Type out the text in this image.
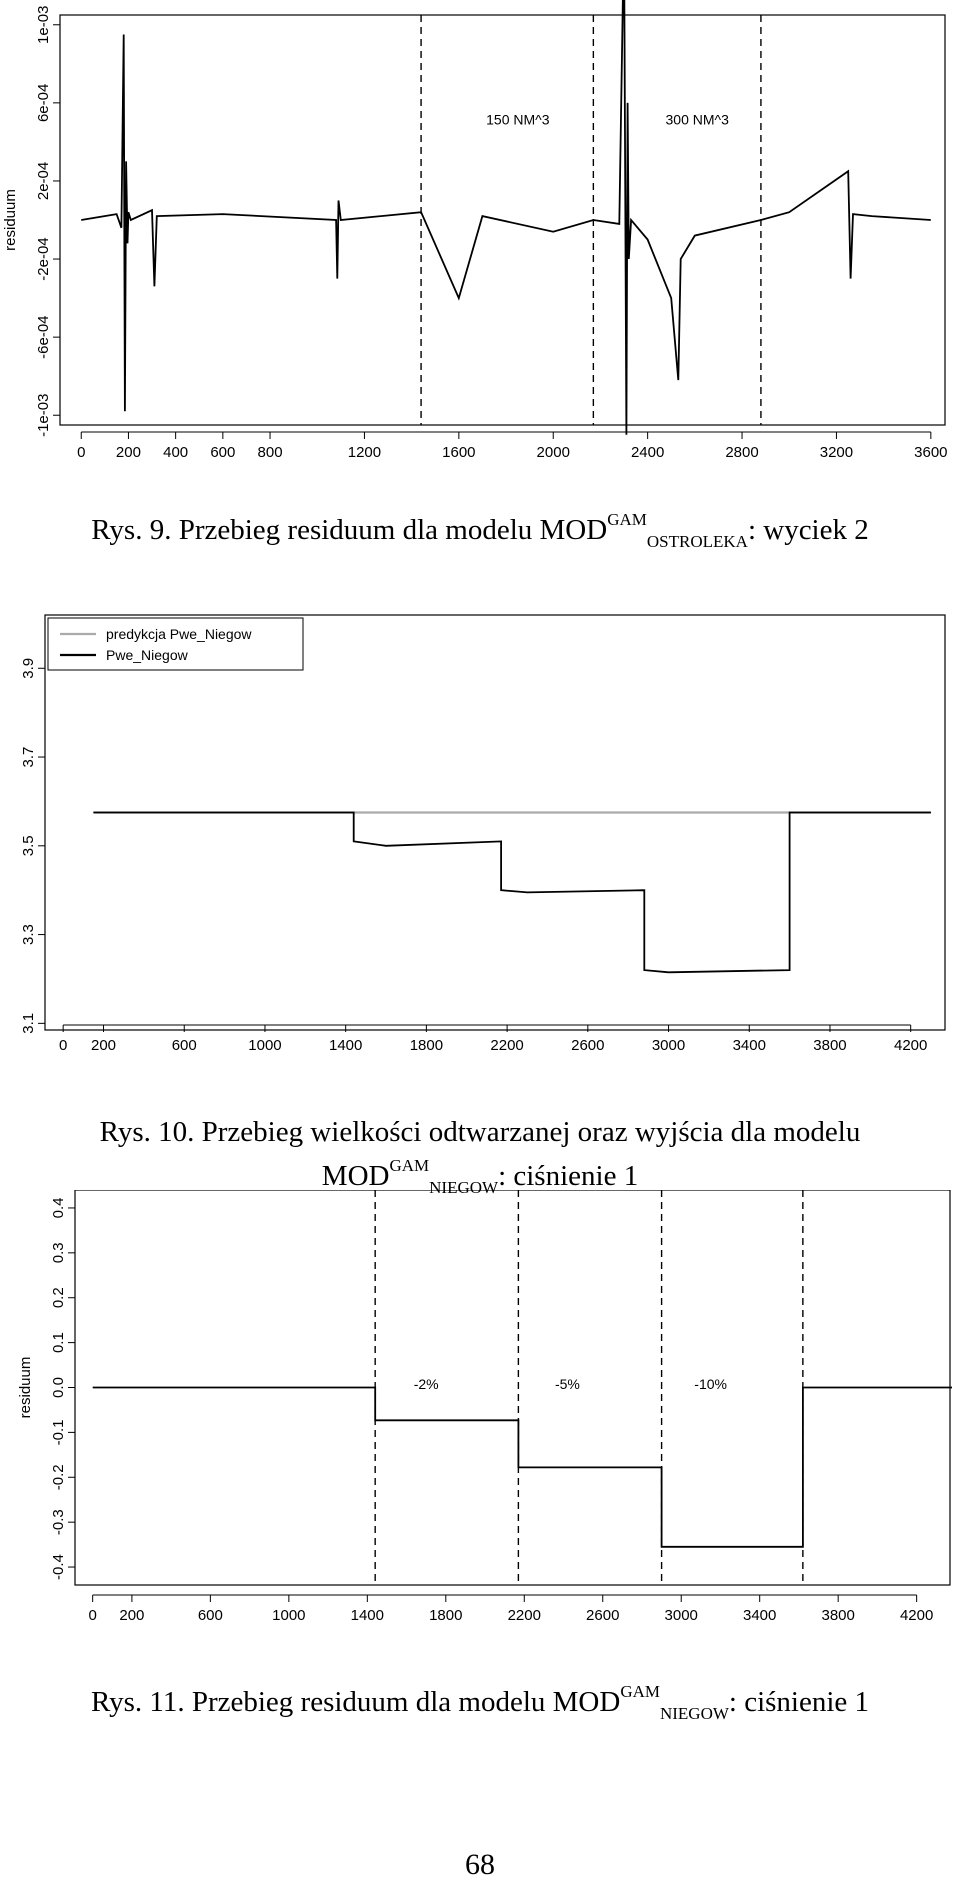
0 200 400 600 800	1200	1600	2000	2400	2800	3200	3600
-1e-03
-6e-04
-2e-04
2e-04
6e-04
1e-03
residuum
150 NM^3	300 NM^3
Rys. 9. Przebieg residuum dla modelu $MOD^{GAM}_{OSTROLEKA}$: wyciek 2
0 200	600	1000	1400	1800	2200	2600	3000	3400	3800	4200
3.1
3.3
3.5
3.7
3.9
predykcja Pwe_Niegow
Pwe_Niegow
Rys. 10. Przebieg wielkości odtwarzanej oraz wyjścia dla modelu
$MOD^{GAM}_{NIEGOW}$: ciśnienie 1
0 200	600	1000	1400	1800	2200	2600	3000	3400	3800	4200
-0.4
-0.3
-0.2
-0.1
0.0
0.1
0.2
0.3
0.4
residuum	-2%	-5%	-10%
Rys. 11. Przebieg residuum dla modelu $MOD^{GAM}_{NIEGOW}$: ciśnienie 1
68
